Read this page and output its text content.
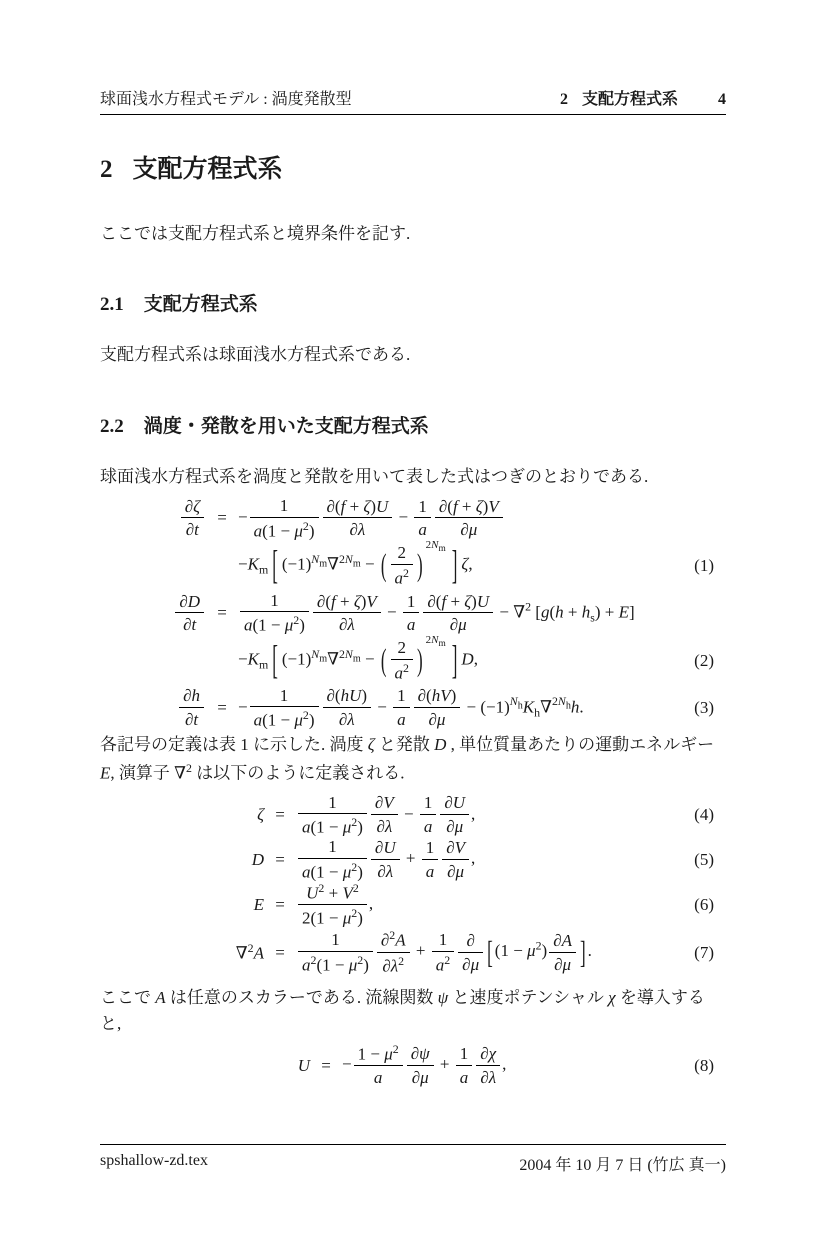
球面浅水方程式モデル : 渦度発散型	2 支配方程式系	4
2 支配方程式系

ここでは支配方程式系と境界条件を記す.

2.1 支配方程式系

支配方程式系は球面浅水方程式系である.

2.2 渦度・発散を用いた支配方程式系

球面浅水方程式系を渦度と発散を用いて表した式はつぎのとおりである.

$\frac{\partial\zeta}{\partial t}$ = − $\frac{1}{a(1 - \mu^2)} \frac{\partial(f + \zeta)U}{\partial\lambda} - \frac{1}{a} \frac{\partial(f + \zeta)V}{\partial\mu}$
$-K_m$ [ $(-1)^{N_m}\nabla^{2N_m}$ − ( $\frac{2}{a^2} )^{2N_m}$ ] ζ,	(1)
$\frac{\partial D}{\partial t} = \frac{1}{a(1 - \mu^2)} \frac{\partial(f + \zeta)V}{\partial\lambda} - \frac{1}{a} \frac{\partial(f + \zeta)U}{\partial\mu} - \nabla^2$ $[g(h + h_s) + E]$
$-K_m$ [ $(-1)^{N_m}\nabla^{2N_m}$ − ( $\frac{2}{a^2} )^{2N_m}$ ] D,	(2)
$\frac{\partial h}{\partial t}$ = − $\frac{1}{a(1 - \mu^2)} \frac{\partial(hU)}{\partial\lambda} - \frac{1}{a} \frac{\partial(hV)}{\partial\mu} - (-1)^{N_h}K_h\nabla^{2N_h}h$.	(3)

各記号の定義は表 1 に示した. 渦度 ζ と発散 D , 単位質量あたりの運動エネルギー E, 演算子 ∇$^2$ は以下のように定義される.

$\zeta = \frac{1}{a(1 - \mu^2)} \frac{\partial V}{\partial\lambda} - \frac{1}{a} \frac{\partial U}{\partial\mu}$ ,	(4)
$D = \frac{1}{a(1 - \mu^2)} \frac{\partial U}{\partial\lambda} + \frac{1}{a} \frac{\partial V}{\partial\mu}$ ,	(5)
$E = \frac{U^2 + V^2}{2(1 - \mu^2)}$ ,	(6)
$\nabla^2A = \frac{1}{a^2(1 - \mu^2)} \frac{\partial^2A}{\partial\lambda^2} + \frac{1}{a^2}$ ∂
∂μ [ $(1 - \mu^2) \frac{\partial A}{\partial\mu}$ ] .	(7)

ここで A は任意のスカラーである. 流線関数 ψ と速度ポテンシャル χ を導入すると,

U = − $\frac{1 - \mu^2}{a} \frac{\partial\psi}{\partial\mu} + \frac{1}{a} \frac{\partial\chi}{\partial\lambda}$ ,	(8)
spshallow-zd.tex	2004 年 10 月 7 日 (竹広 真一)
